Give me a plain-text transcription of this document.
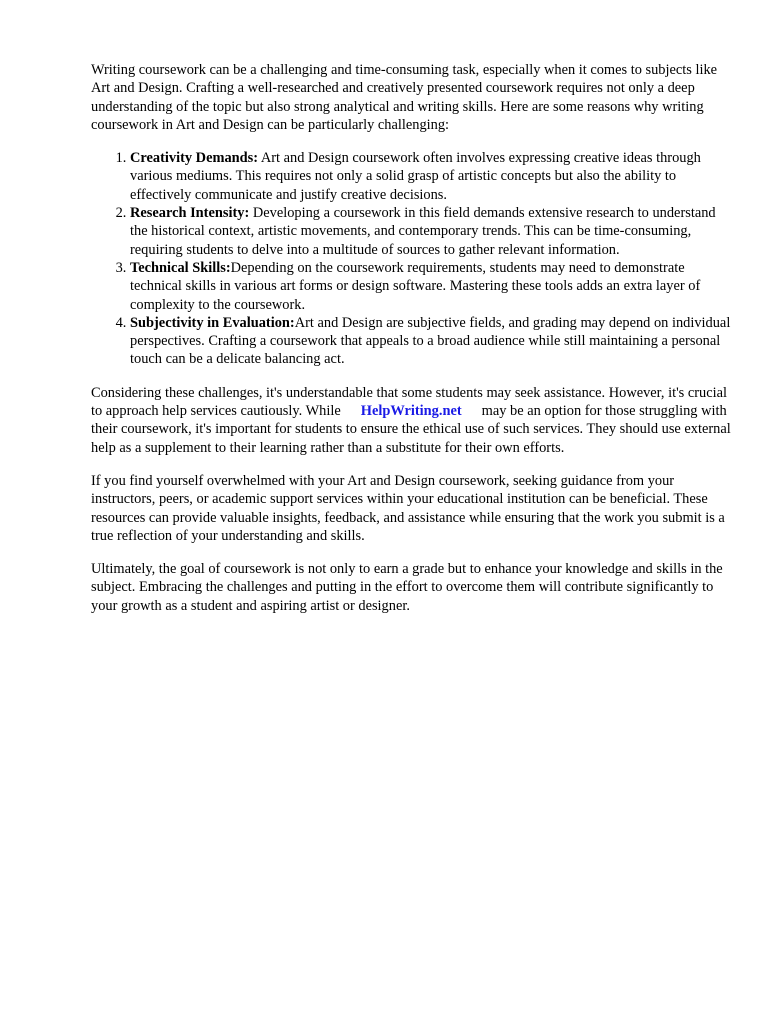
Writing coursework can be a challenging and time-consuming task, especially when it comes to subjects like Art and Design. Crafting a well-researched and creatively presented coursework requires not only a deep understanding of the topic but also strong analytical and writing skills. Here are some reasons why writing coursework in Art and Design can be particularly challenging:

1. Creativity Demands: Art and Design coursework often involves expressing creative ideas through various mediums. This requires not only a solid grasp of artistic concepts but also the ability to effectively communicate and justify creative decisions.
2. Research Intensity: Developing a coursework in this field demands extensive research to understand the historical context, artistic movements, and contemporary trends. This can be time-consuming, requiring students to delve into a multitude of sources to gather relevant information.
3. Technical Skills:Depending on the coursework requirements, students may need to demonstrate technical skills in various art forms or design software. Mastering these tools adds an extra layer of complexity to the coursework.
4. Subjectivity in Evaluation:Art and Design are subjective fields, and grading may depend on individual perspectives. Crafting a coursework that appeals to a broad audience while still maintaining a personal touch can be a delicate balancing act.

Considering these challenges, it's understandable that some students may seek assistance. However, it's crucial to approach help services cautiously. While HelpWriting.net may be an option for those struggling with their coursework, it's important for students to ensure the ethical use of such services. They should use external help as a supplement to their learning rather than a substitute for their own efforts.

If you find yourself overwhelmed with your Art and Design coursework, seeking guidance from your instructors, peers, or academic support services within your educational institution can be beneficial. These resources can provide valuable insights, feedback, and assistance while ensuring that the work you submit is a true reflection of your understanding and skills.

Ultimately, the goal of coursework is not only to earn a grade but to enhance your knowledge and skills in the subject. Embracing the challenges and putting in the effort to overcome them will contribute significantly to your growth as a student and aspiring artist or designer.
